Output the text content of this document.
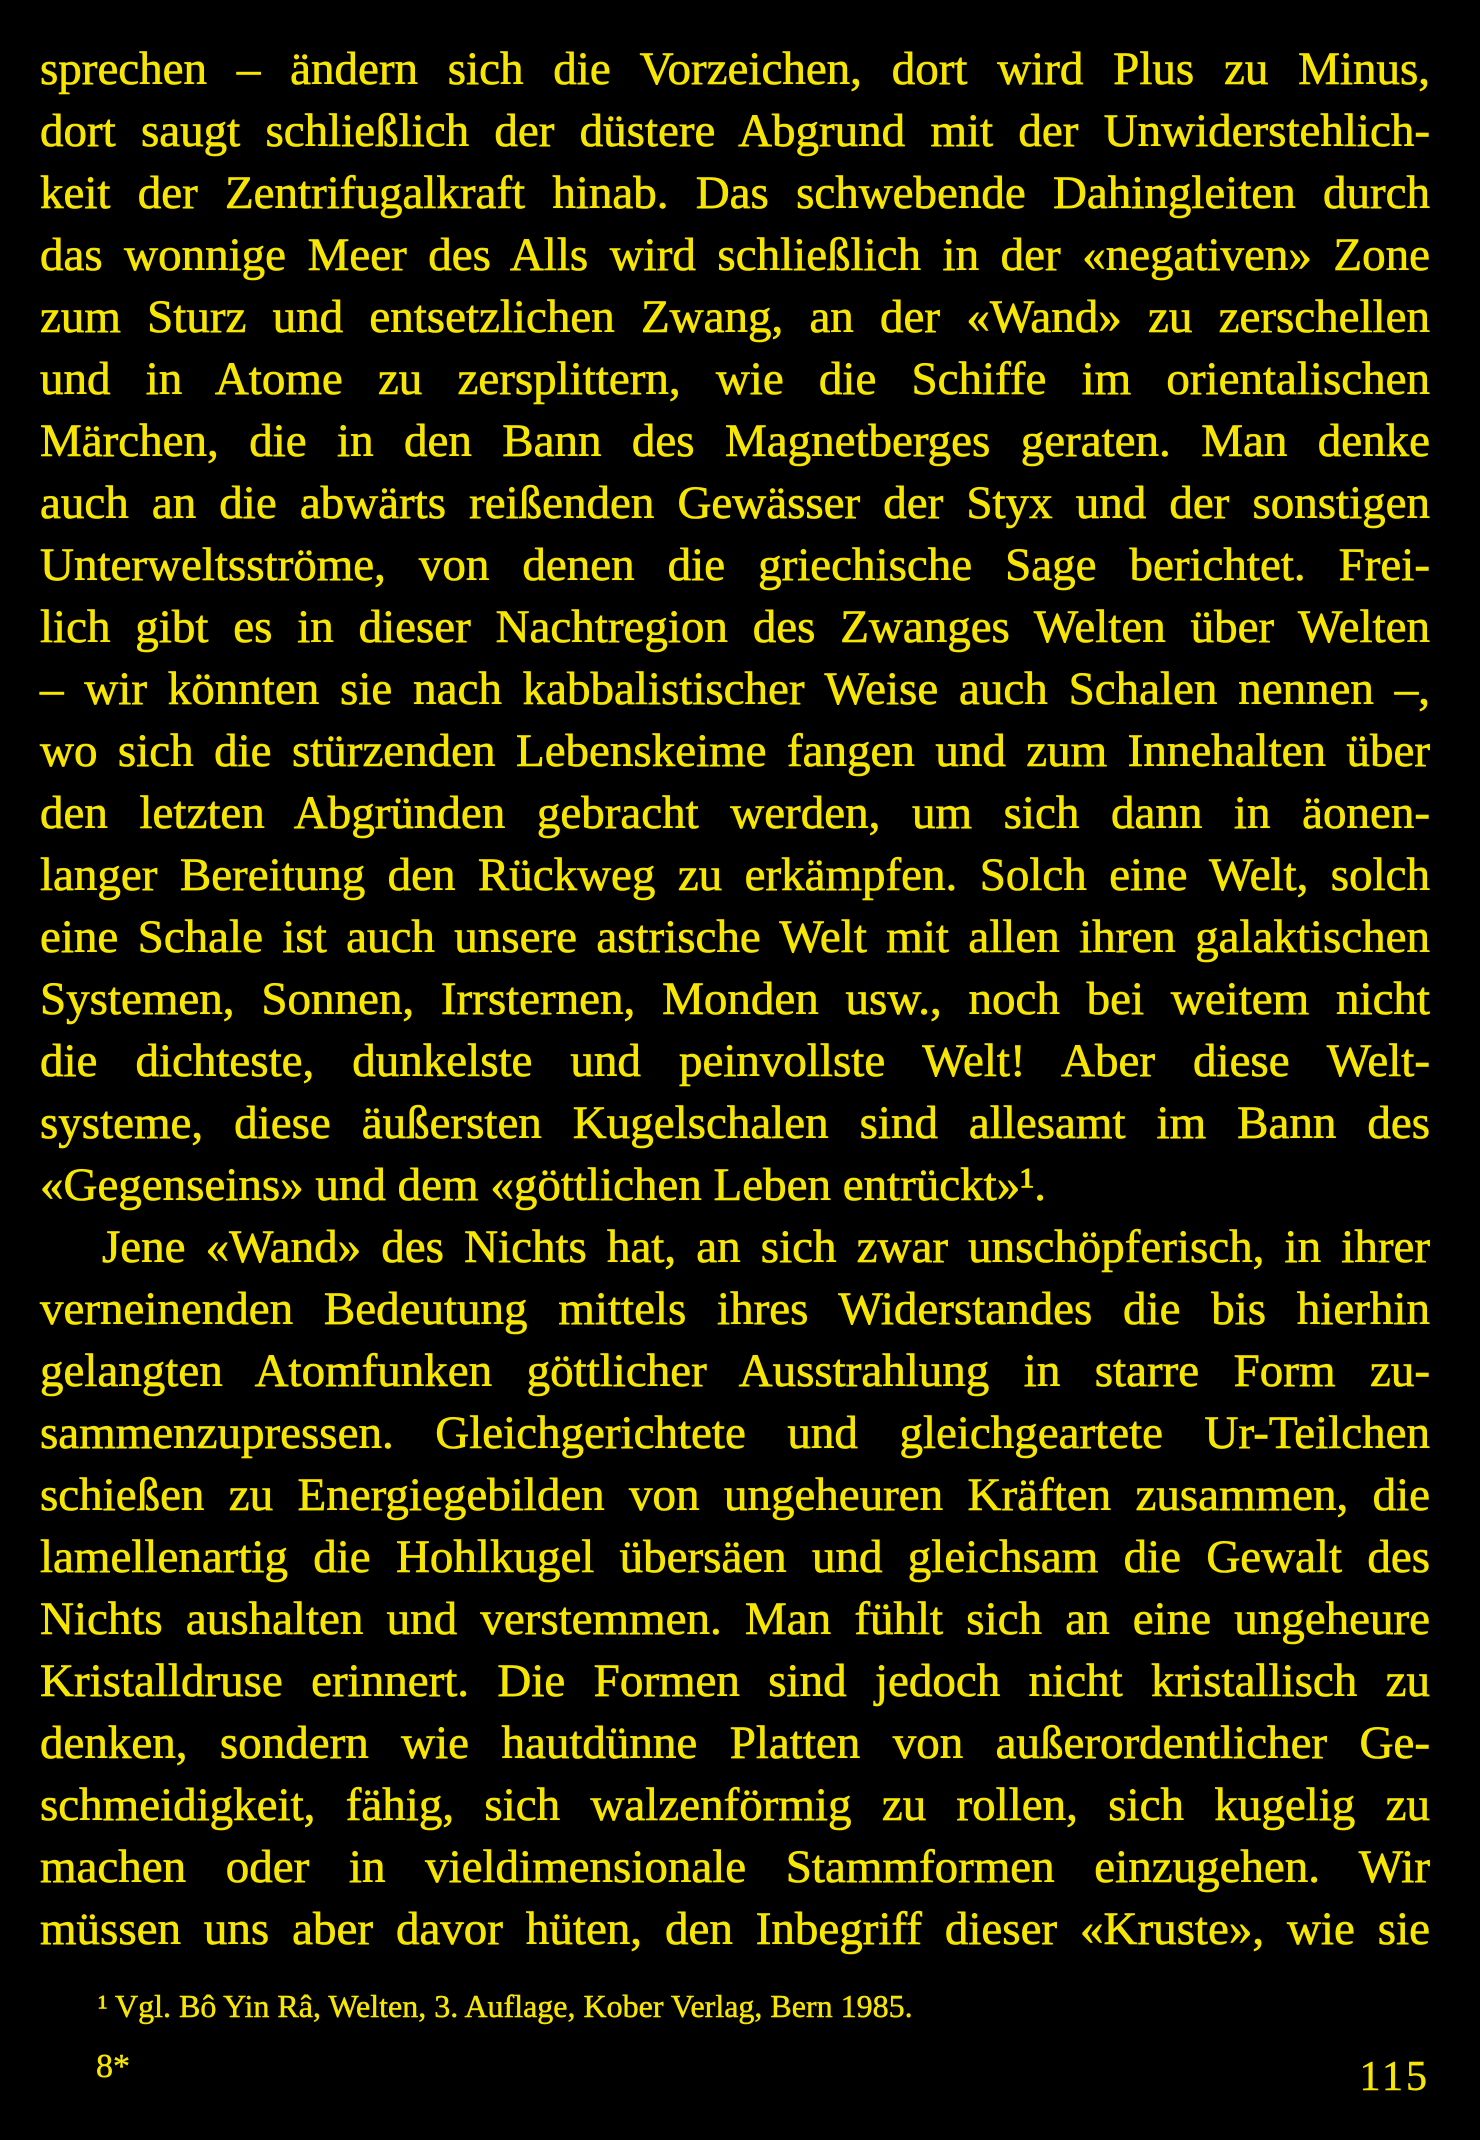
sprechen – ändern sich die Vorzeichen, dort wird Plus zu Minus,
dort saugt schließlich der düstere Abgrund mit der Unwiderstehlich-
keit der Zentrifugalkraft hinab. Das schwebende Dahingleiten durch
das wonnige Meer des Alls wird schließlich in der «negativen» Zone
zum Sturz und entsetzlichen Zwang, an der «Wand» zu zerschellen
und in Atome zu zersplittern, wie die Schiffe im orientalischen
Märchen, die in den Bann des Magnetberges geraten. Man denke
auch an die abwärts reißenden Gewässer der Styx und der sonstigen
Unterweltsströme, von denen die griechische Sage berichtet. Frei-
lich gibt es in dieser Nachtregion des Zwanges Welten über Welten
– wir könnten sie nach kabbalistischer Weise auch Schalen nennen –,
wo sich die stürzenden Lebenskeime fangen und zum Innehalten über
den letzten Abgründen gebracht werden, um sich dann in äonen-
langer Bereitung den Rückweg zu erkämpfen. Solch eine Welt, solch
eine Schale ist auch unsere astrische Welt mit allen ihren galaktischen
Systemen, Sonnen, Irrsternen, Monden usw., noch bei weitem nicht
die dichteste, dunkelste und peinvollste Welt! Aber diese Welt-
systeme, diese äußersten Kugelschalen sind allesamt im Bann des
«Gegenseins» und dem «göttlichen Leben entrückt»¹.
Jene «Wand» des Nichts hat, an sich zwar unschöpferisch, in ihrer
verneinenden Bedeutung mittels ihres Widerstandes die bis hierhin
gelangten Atomfunken göttlicher Ausstrahlung in starre Form zu-
sammenzupressen. Gleichgerichtete und gleichgeartete Ur-Teilchen
schießen zu Energiegebilden von ungeheuren Kräften zusammen, die
lamellenartig die Hohlkugel übersäen und gleichsam die Gewalt des
Nichts aushalten und verstemmen. Man fühlt sich an eine ungeheure
Kristalldruse erinnert. Die Formen sind jedoch nicht kristallisch zu
denken, sondern wie hautdünne Platten von außerordentlicher Ge-
schmeidigkeit, fähig, sich walzenförmig zu rollen, sich kugelig zu
machen oder in vieldimensionale Stammformen einzugehen. Wir
müssen uns aber davor hüten, den Inbegriff dieser «Kruste», wie sie
¹ Vgl. Bô Yin Râ, Welten, 3. Auflage, Kober Verlag, Bern 1985.
8*	115
